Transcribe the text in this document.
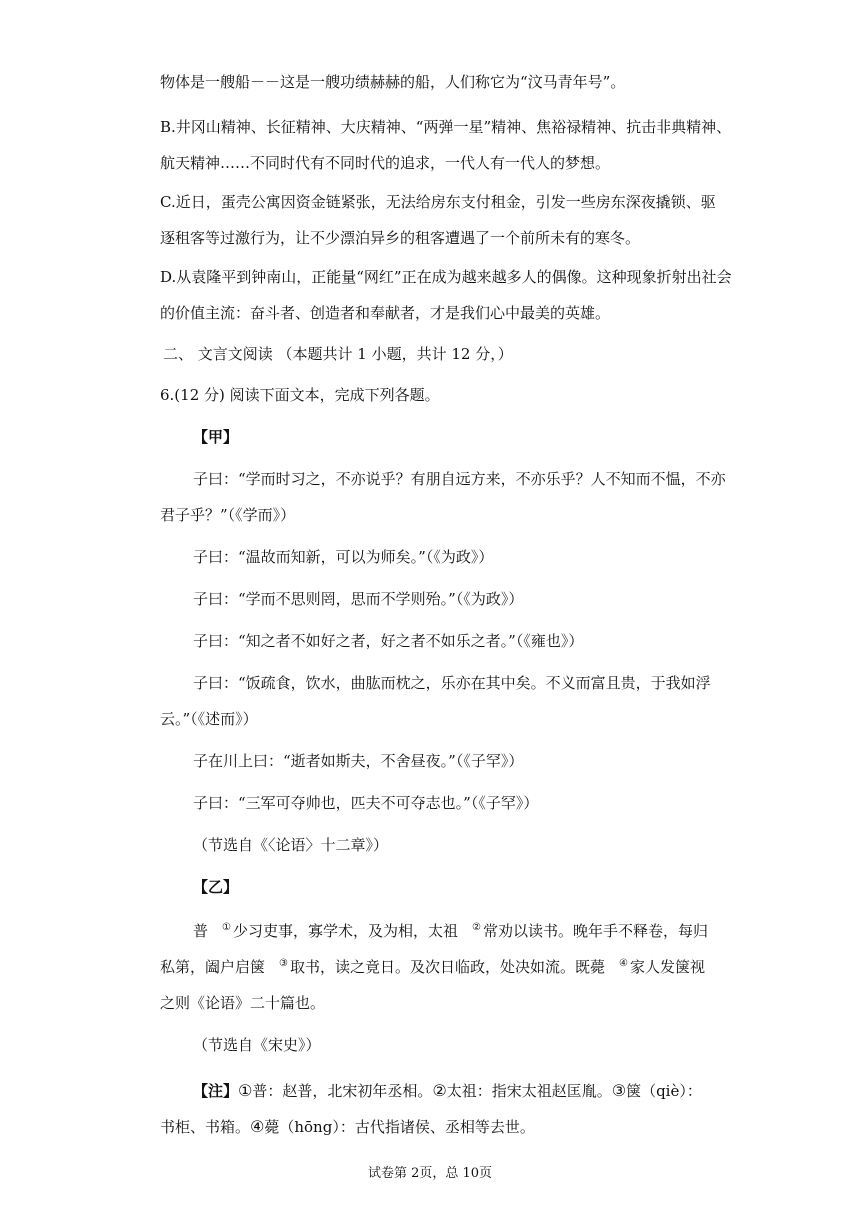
物体是一艘船－－这是一艘功绩赫赫的船，人们称它为“汶马青年号”。
B.井冈山精神、长征精神、大庆精神、“两弹一星”精神、焦裕禄精神、抗击非典精神、
航天精神……不同时代有不同时代的追求，一代人有一代人的梦想。
C.近日，蛋壳公寓因资金链紧张，无法给房东支付租金，引发一些房东深夜撬锁、驱
逐租客等过激行为，让不少漂泊异乡的租客遭遇了一个前所未有的寒冬。
D.从袁隆平到钟南山，正能量“网红”正在成为越来越多人的偶像。这种现象折射出社会
的价值主流：奋斗者、创造者和奉献者，才是我们心中最美的英雄。
二、 文言文阅读 （本题共计 1 小题，共计 12 分，）
6.(12 分) 阅读下面文本，完成下列各题。
【甲】
子曰：“学而时习之，不亦说乎？有朋自远方来，不亦乐乎？人不知而不愠，不亦
君子乎？”（《学而》）
子曰：“温故而知新，可以为师矣。”（《为政》）
子曰：“学而不思则罔，思而不学则殆。”（《为政》）
子曰：“知之者不如好之者，好之者不如乐之者。”（《雍也》）
子曰：“饭疏食，饮水，曲肱而枕之，乐亦在其中矣。不义而富且贵，于我如浮
云。”（《述而》）
子在川上曰：“逝者如斯夫，不舍昼夜。”（《子罕》）
子曰：“三军可夺帅也，匹夫不可夺志也。”（《子罕》）
（节选自《〈论语〉十二章》）
【乙】
普 ① 少习吏事，寡学术，及为相，太祖 ② 常劝以读书。晚年手不释卷，每归
私第，阖户启箧 ③ 取书，读之竟日。及次日临政，处决如流。既薨 ④ 家人发箧视
之则《论语》二十篇也。
（节选自《宋史》）
【注】①普：赵普，北宋初年丞相。②太祖：指宋太祖赵匡胤。③箧（qiè）：
书柜、书箱。④薨（hōng）：古代指诸侯、丞相等去世。
试卷第 2页，总 10页
